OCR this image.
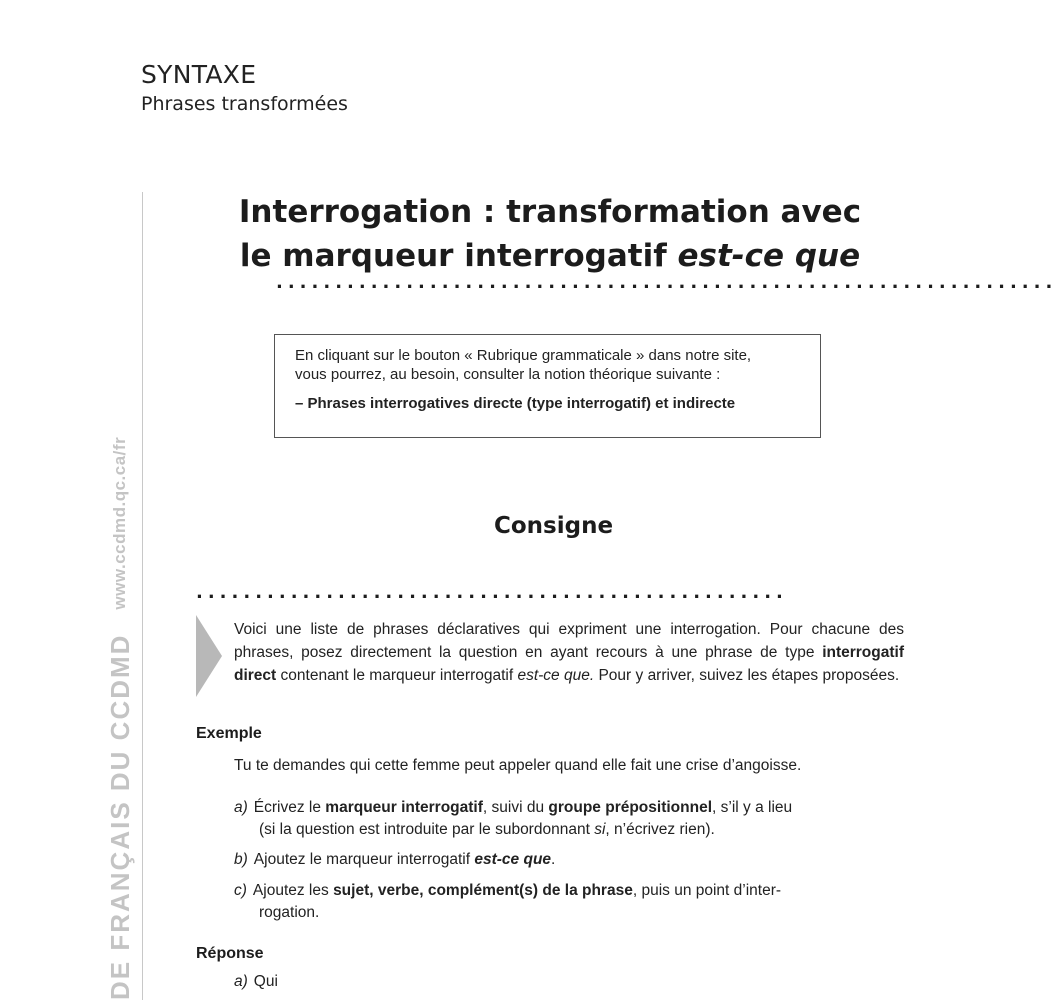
SYNTAXE
Phrases transformées
DE FRANÇAIS DU CCDMD
www.ccdmd.qc.ca/fr
Interrogation : transformation avec
le marqueur interrogatif est-ce que
..................................................................
En cliquant sur le bouton « Rubrique grammaticale » dans notre site,
vous pourrez, au besoin, consulter la notion théorique suivante :
– Phrases interrogatives directe (type interrogatif) et indirecte
Consigne
..................................................
Voici une liste de phrases déclaratives qui expriment une interrogation. Pour chacune des phrases, posez directement la question en ayant recours à une phrase de type interrogatif direct contenant le marqueur interrogatif est-ce que. Pour y arriver, suivez les étapes proposées.
Exemple
Tu te demandes qui cette femme peut appeler quand elle fait une crise d’angoisse.
a) Écrivez le marqueur interrogatif, suivi du groupe prépositionnel, s’il y a lieu
(si la question est introduite par le subordonnant si, n’écrivez rien).
b) Ajoutez le marqueur interrogatif est-ce que.
c) Ajoutez les sujet, verbe, complément(s) de la phrase, puis un point d’inter-
rogation.
Réponse
a) Qui
